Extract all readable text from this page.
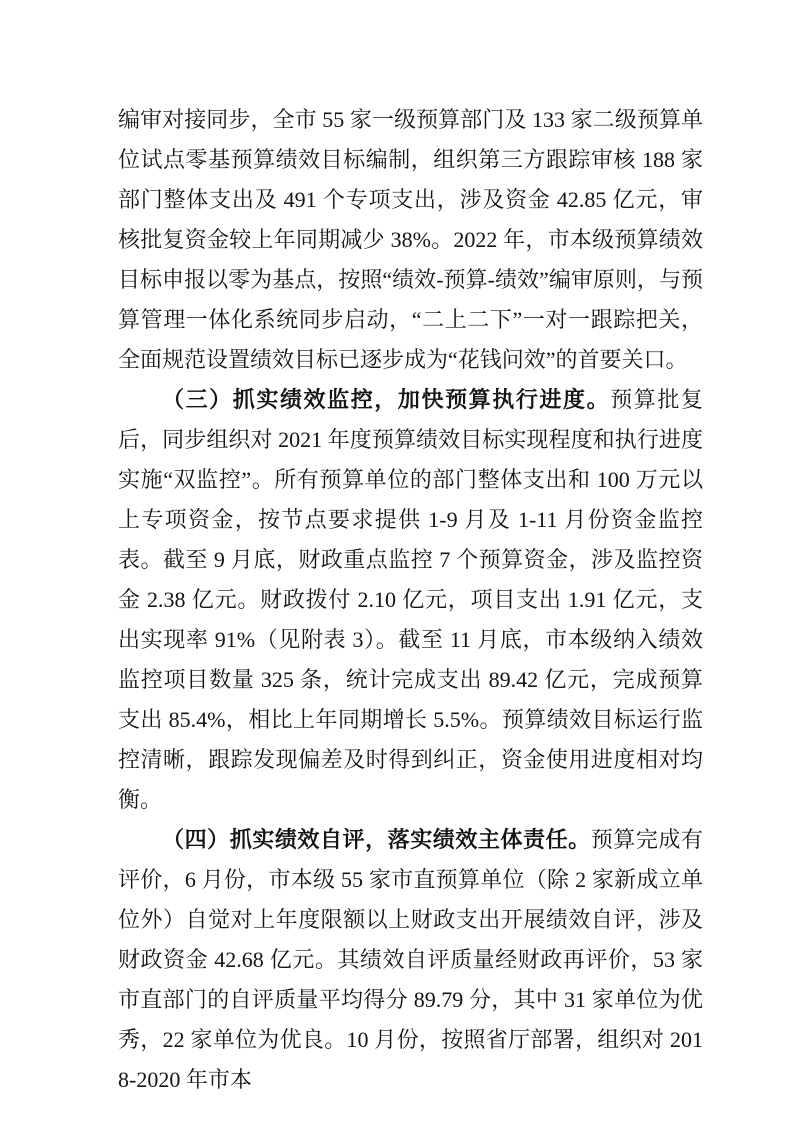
编审对接同步，全市 55 家一级预算部门及 133 家二级预算单位试点零基预算绩效目标编制，组织第三方跟踪审核 188 家部门整体支出及 491 个专项支出，涉及资金 42.85 亿元，审核批复资金较上年同期减少 38%。2022 年，市本级预算绩效目标申报以零为基点，按照“绩效-预算-绩效”编审原则，与预算管理一体化系统同步启动，“二上二下”一对一跟踪把关，全面规范设置绩效目标已逐步成为“花钱问效”的首要关口。

（三）抓实绩效监控，加快预算执行进度。预算批复后，同步组织对 2021 年度预算绩效目标实现程度和执行进度实施“双监控”。所有预算单位的部门整体支出和 100 万元以上专项资金，按节点要求提供 1-9 月及 1-11 月份资金监控表。截至 9 月底，财政重点监控 7 个预算资金，涉及监控资金 2.38 亿元。财政拨付 2.10 亿元，项目支出 1.91 亿元，支出实现率 91%（见附表 3）。截至 11 月底，市本级纳入绩效监控项目数量 325 条，统计完成支出 89.42 亿元，完成预算支出 85.4%，相比上年同期增长 5.5%。预算绩效目标运行监控清晰，跟踪发现偏差及时得到纠正，资金使用进度相对均衡。

（四）抓实绩效自评，落实绩效主体责任。预算完成有评价，6 月份，市本级 55 家市直预算单位（除 2 家新成立单位外）自觉对上年度限额以上财政支出开展绩效自评，涉及财政资金 42.68 亿元。其绩效自评质量经财政再评价，53 家市直部门的自评质量平均得分 89.79 分，其中 31 家单位为优秀，22 家单位为优良。10 月份，按照省厅部署，组织对 2018-2020 年市本
